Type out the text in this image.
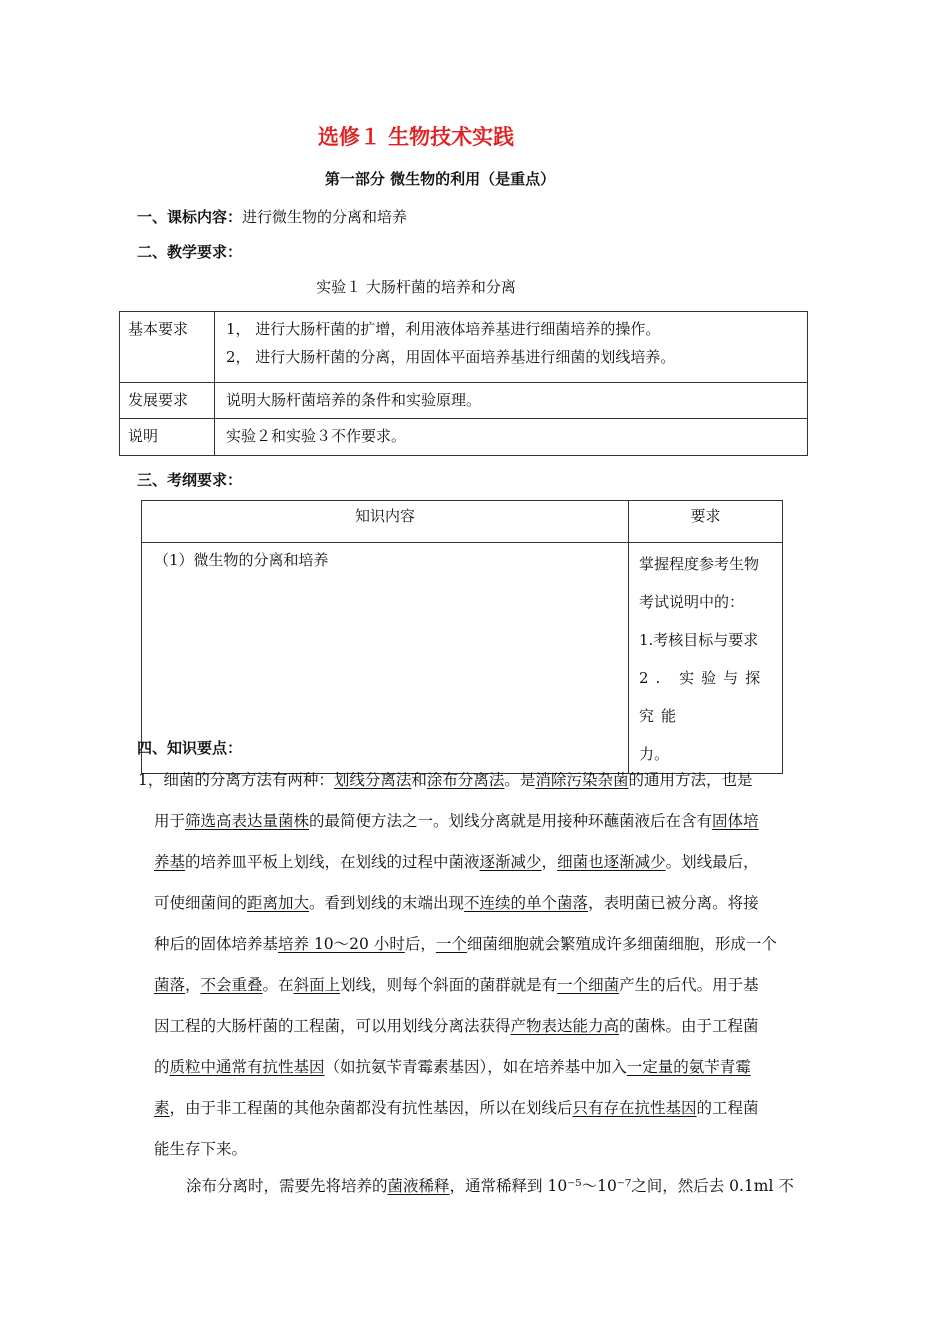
选修１ 生物技术实践
第一部分 微生物的利用（是重点）
一、课标内容：进行微生物的分离和培养
二、教学要求：
实验１ 大肠杆菌的培养和分离
基本要求	1， 进行大肠杆菌的扩增，利用液体培养基进行细菌培养的操作。
2， 进行大肠杆菌的分离，用固体平面培养基进行细菌的划线培养。

发展要求	说明大肠杆菌培养的条件和实验原理。
说明	实验２和实验３不作要求。
三、考纲要求：
知识内容	要求
（1）微生物的分离和培养	掌握程度参考生物
考试说明中的：
1.考核目标与要求
2. 实验与探究能
力。
四、知识要点：
1，细菌的分离方法有两种：划线分离法和涂布分离法。是消除污染杂菌的通用方法，也是
用于筛选高表达量菌株的最简便方法之一。划线分离就是用接种环蘸菌液后在含有固体培
养基的培养皿平板上划线，在划线的过程中菌液逐渐减少，细菌也逐渐减少。划线最后，
可使细菌间的距离加大。看到划线的末端出现不连续的单个菌落，表明菌已被分离。将接
种后的固体培养基培养 10～20 小时后，一个细菌细胞就会繁殖成许多细菌细胞，形成一个
菌落，不会重叠。在斜面上划线，则每个斜面的菌群就是有一个细菌产生的后代。用于基
因工程的大肠杆菌的工程菌，可以用划线分离法获得产物表达能力高的菌株。由于工程菌
的质粒中通常有抗性基因（如抗氨苄青霉素基因），如在培养基中加入一定量的氨苄青霉
素，由于非工程菌的其他杂菌都没有抗性基因，所以在划线后只有存在抗性基因的工程菌
能生存下来。
涂布分离时，需要先将培养的菌液稀释，通常稀释到 10⁻⁵～10⁻⁷之间，然后去 0.1ml 不
